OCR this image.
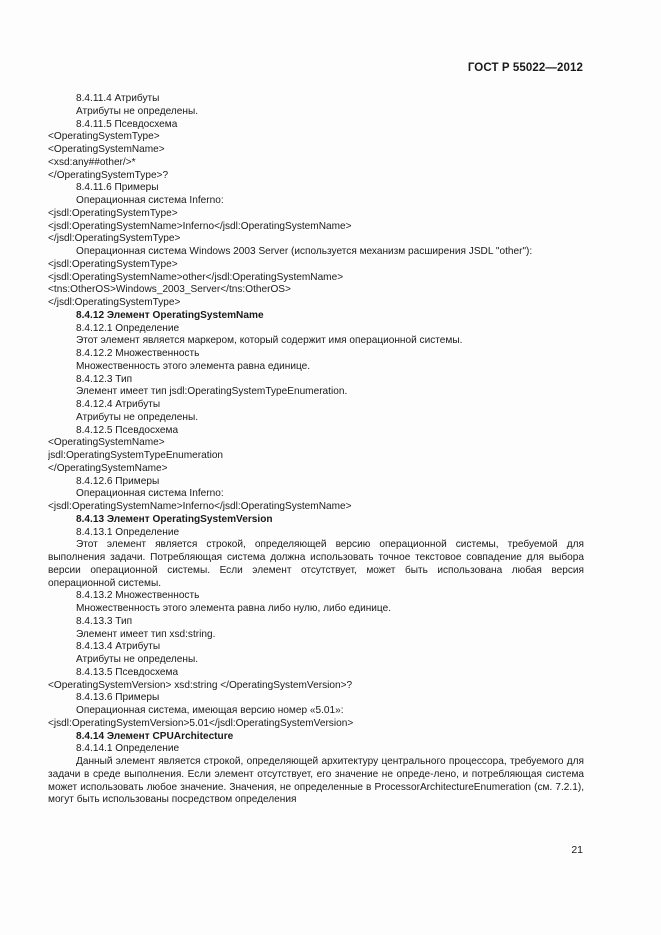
ГОСТ Р 55022—2012
8.4.11.4 Атрибуты
Атрибуты не определены.
8.4.11.5 Псевдосхема
<OperatingSystemType>
<OperatingSystemName>
<xsd:any##other/>*
</OperatingSystemType>?
8.4.11.6 Примеры
Операционная система Inferno:
<jsdl:OperatingSystemType>
<jsdl:OperatingSystemName>Inferno</jsdl:OperatingSystemName>
</jsdl:OperatingSystemType>
Операционная система Windows 2003 Server (используется механизм расширения JSDL "other"):
<jsdl:OperatingSystemType>
<jsdl:OperatingSystemName>other</jsdl:OperatingSystemName>
<tns:OtherOS>Windows_2003_Server</tns:OtherOS>
</jsdl:OperatingSystemType>
8.4.12 Элемент OperatingSystemName
8.4.12.1 Определение
Этот элемент является маркером, который содержит имя операционной системы.
8.4.12.2 Множественность
Множественность этого элемента равна единице.
8.4.12.3 Тип
Элемент имеет тип jsdl:OperatingSystemTypeEnumeration.
8.4.12.4 Атрибуты
Атрибуты не определены.
8.4.12.5 Псевдосхема
<OperatingSystemName>
jsdl:OperatingSystemTypeEnumeration
</OperatingSystemName>
8.4.12.6 Примеры
Операционная система Inferno:
<jsdl:OperatingSystemName>Inferno</jsdl:OperatingSystemName>
8.4.13 Элемент OperatingSystemVersion
8.4.13.1 Определение
Этот элемент является строкой, определяющей версию операционной системы, требуемой для выполнения задачи. Потребляющая система должна использовать точное текстовое совпадение для выбора версии операционной системы. Если элемент отсутствует, может быть использована любая версия операционной системы.
8.4.13.2 Множественность
Множественность этого элемента равна либо нулю, либо единице.
8.4.13.3 Тип
Элемент имеет тип xsd:string.
8.4.13.4 Атрибуты
Атрибуты не определены.
8.4.13.5 Псевдосхема
<OperatingSystemVersion> xsd:string </OperatingSystemVersion>?
8.4.13.6 Примеры
Операционная система, имеющая версию номер «5.01»:
<jsdl:OperatingSystemVersion>5.01</jsdl:OperatingSystemVersion>
8.4.14 Элемент CPUArchitecture
8.4.14.1 Определение
Данный элемент является строкой, определяющей архитектуру центрального процессора, требуемого для задачи в среде выполнения. Если элемент отсутствует, его значение не опреде-лено, и потребляющая система может использовать любое значение. Значения, не определенные в ProcessorArchitectureEnumeration (см. 7.2.1), могут быть использованы посредством определения
21
